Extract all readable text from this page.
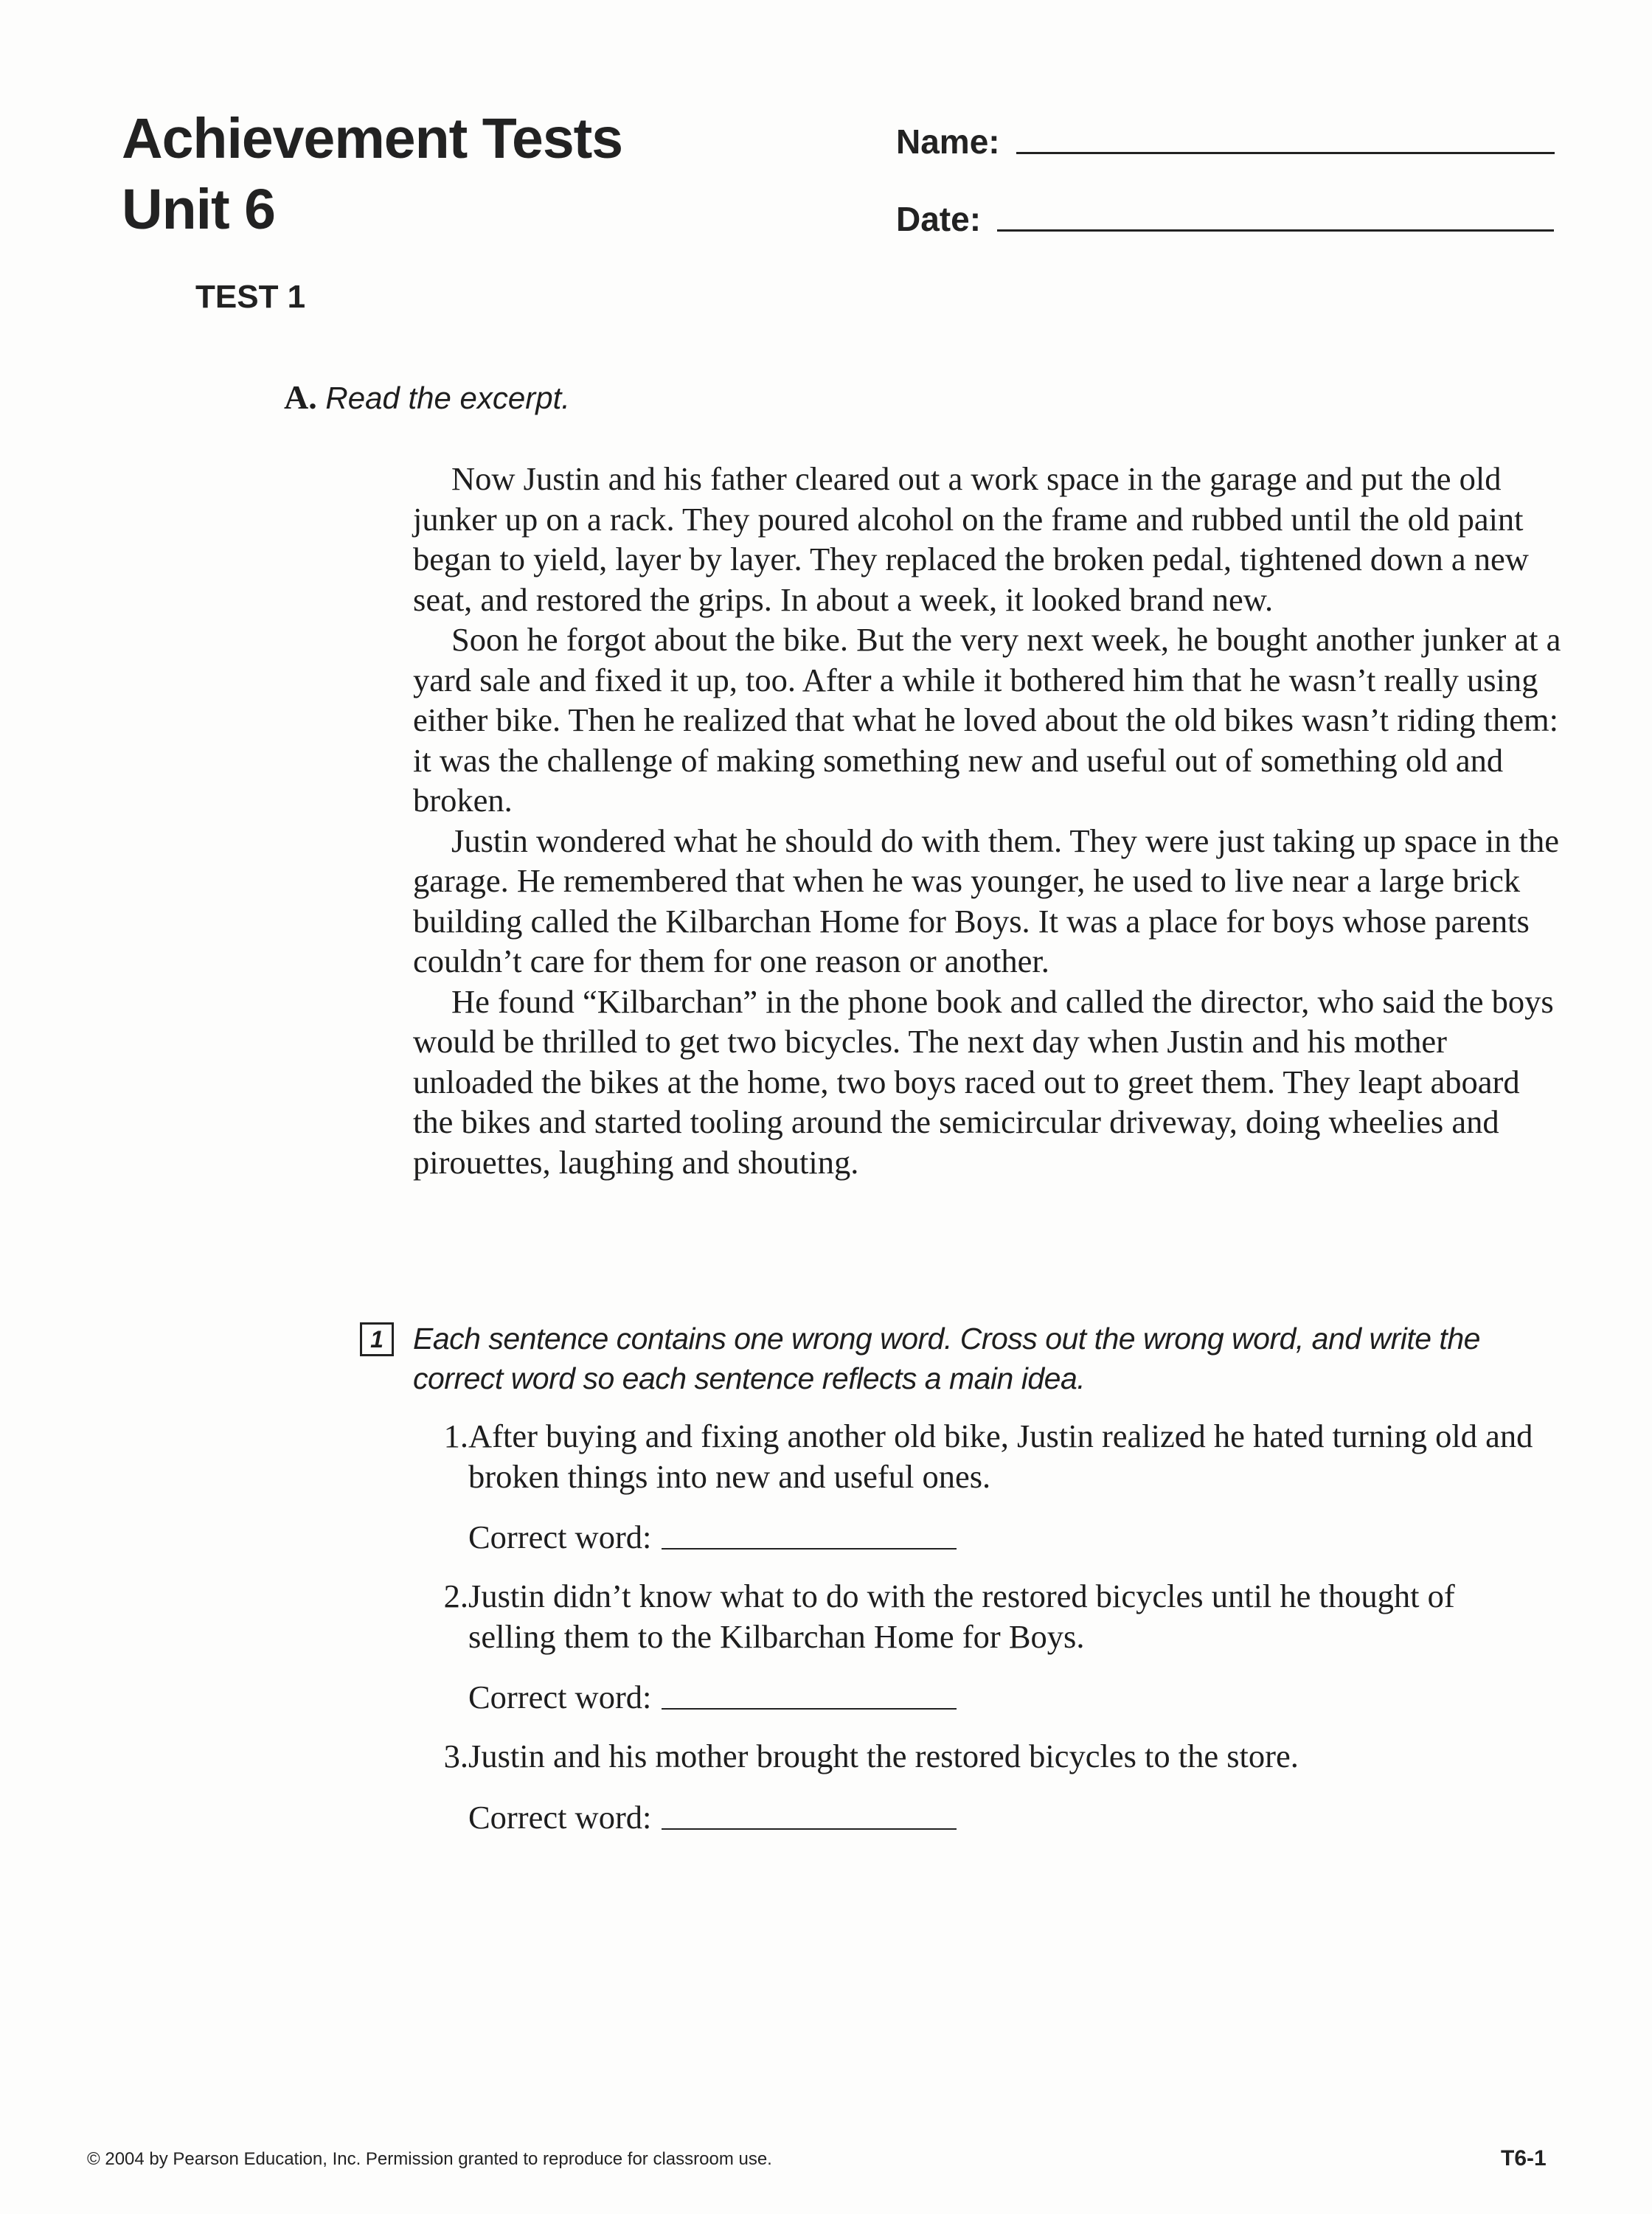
Achievement Tests
Unit 6
Name:
Date:
TEST 1
A. Read the excerpt.

Now Justin and his father cleared out a work space in the garage and put the old junker up on a rack. They poured alcohol on the frame and rubbed until the old paint began to yield, layer by layer. They replaced the broken pedal, tightened down a new seat, and restored the grips. In about a week, it looked brand new.

Soon he forgot about the bike. But the very next week, he bought another junker at a yard sale and fixed it up, too. After a while it bothered him that he wasn’t really using either bike. Then he realized that what he loved about the old bikes wasn’t riding them: it was the challenge of making something new and useful out of something old and broken.

Justin wondered what he should do with them. They were just taking up space in the garage. He remembered that when he was younger, he used to live near a large brick building called the Kilbarchan Home for Boys. It was a place for boys whose parents couldn’t care for them for one reason or another.

He found “Kilbarchan” in the phone book and called the director, who said the boys would be thrilled to get two bicycles. The next day when Justin and his mother unloaded the bikes at the home, two boys raced out to greet them. They leapt aboard the bikes and started tooling around the semicircular driveway, doing wheelies and pirouettes, laughing and shouting.

1 Each sentence contains one wrong word. Cross out the wrong word, and write the correct word so each sentence reflects a main idea.
1. After buying and fixing another old bike, Justin realized he hated turning old and broken things into new and useful ones.
Correct word:
2. Justin didn’t know what to do with the restored bicycles until he thought of selling them to the Kilbarchan Home for Boys.
Correct word:
3. Justin and his mother brought the restored bicycles to the store.
Correct word:
© 2004 by Pearson Education, Inc. Permission granted to reproduce for classroom use.	T6-1
